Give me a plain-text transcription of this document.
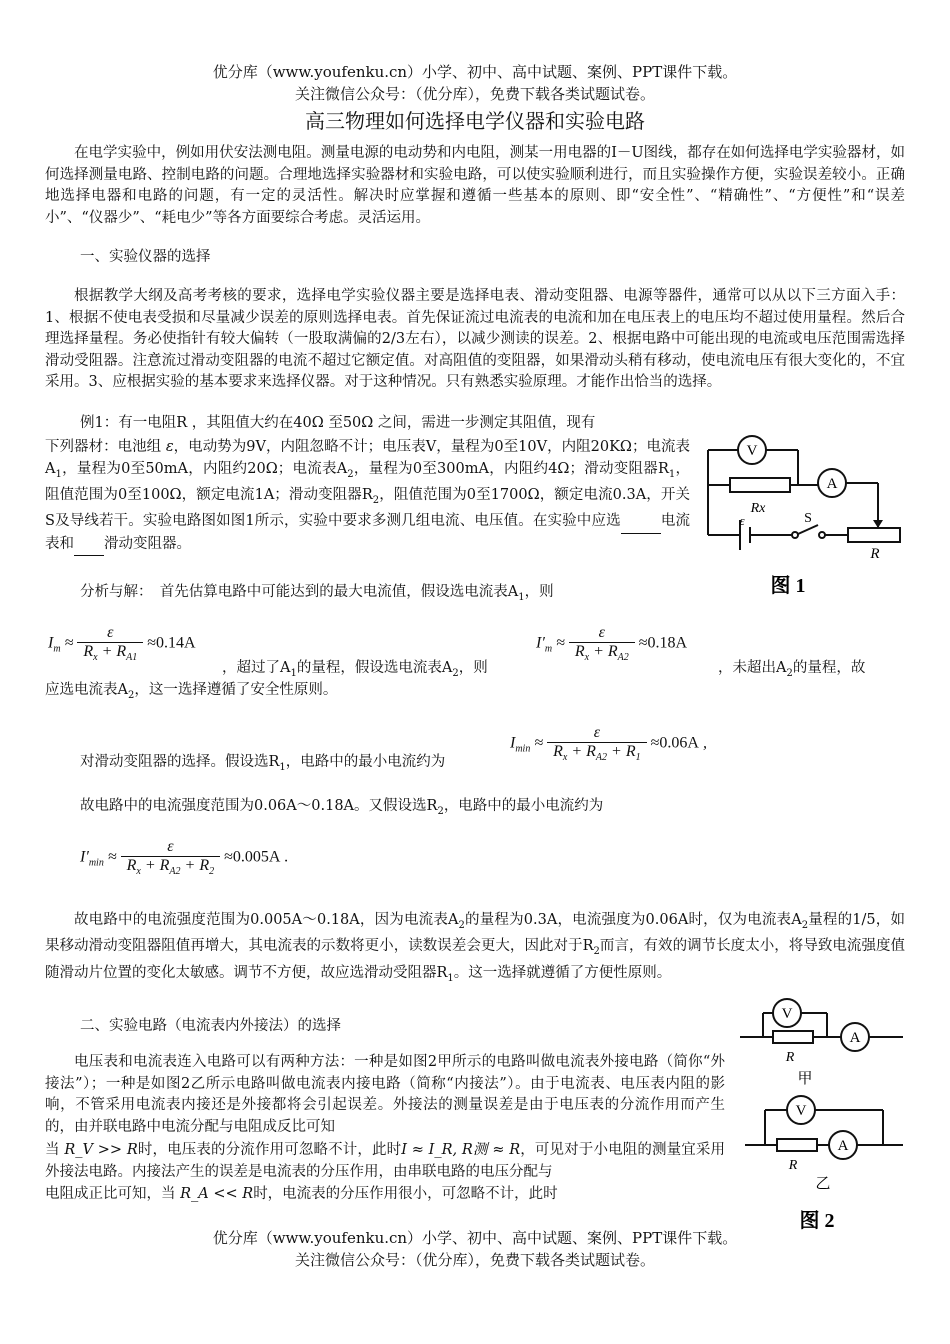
优分库（www.youfenku.cn）小学、初中、高中试题、案例、PPT课件下载。
关注微信公众号：（优分库），免费下载各类试题试卷。
高三物理如何选择电学仪器和实验电路
在电学实验中，例如用伏安法测电阻。测量电源的电动势和内电阻，测某一用电器的I－U图线，都存在如何选择电学实验器材，如何选择测量电路、控制电路的问题。合理地选择实验器材和实验电路，可以使实验顺利进行，而且实验操作方便，实验误差较小。正确地选择电器和电路的问题，有一定的灵活性。解决时应掌握和遵循一些基本的原则、即“安全性”、“精确性”、“方便性”和“误差小”、“仪器少”、“耗电少”等各方面要综合考虑。灵活运用。
一、实验仪器的选择
根据教学大纲及高考考核的要求，选择电学实验仪器主要是选择电表、滑动变阻器、电源等器件，通常可以从以下三方面入手：1、根据不使电表受损和尽量减少误差的原则选择电表。首先保证流过电流表的电流和加在电压表上的电压均不超过使用量程。然后合理选择量程。务必使指针有较大偏转（一股取满偏的2/3左右），以减少测读的误差。2、根据电路中可能出现的电流或电压范围需选择滑动受阻器。注意流过滑动变阻器的电流不超过它额定值。对高阻值的变阻器，如果滑动头稍有移动，使电流电压有很大变化的，不宜采用。3、应根据实验的基本要求来选择仪器。对于这种情况。只有熟悉实验原理。才能作出恰当的选择。
例1：有一电阻R ，其阻值大约在40Ω 至50Ω 之间，需进一步测定其阻值，现有
下列器材：电池组 ε，电动势为9V，内阻忽略不计；电压表V，量程为0至10V，内阻20KΩ；电流表$A_1$，量程为0至50mA，内阻约20Ω；电流表$A_2$，量程为0至300mA，内阻约4Ω；滑动变阻器$R_1$，阻值范围为0至100Ω，额定电流1A；滑动变阻器$R_2$，阻值范围为0至1700Ω，额定电流0.3A，开关S及导线若干。实验电路图如图1所示，实验中要求多测几组电流、电压值。在实验中应选	电流表和 滑动变阻器。
V
A
Rx
ε	S
R
图 1
分析与解：　首先估算电路中可能达到的最大电流值，假设选电流表$A_1$，则
$I_m \approx \frac{\varepsilon}{R_x + R_{A1}} \approx 0.14A$
，超过了$A_1$的量程，假设选电流表$A_2$，则
$I'_m \approx \frac{\varepsilon}{R_x + R_{A2}} \approx 0.18A$
，未超出$A_2$的量程，故
应选电流表$A_2$，这一选择遵循了安全性原则。
$I_{min} \approx \frac{\varepsilon}{R_x + R_{A2} + R_1} \approx 0.06A$ ,
对滑动变阻器的选择。假设选$R_1$，电路中的最小电流约为
故电路中的电流强度范围为0.06A～0.18A。又假设选$R_2$，电路中的最小电流约为
$I'_{min} \approx \frac{\varepsilon}{R_x + R_{A2} + R_2} \approx 0.005A$ .
故电路中的电流强度范围为0.005A～0.18A，因为电流表$A_2$的量程为0.3A，电流强度为0.06A时，仅为电流表$A_2$量程的1/5，如果移动滑动变阻器阻值再增大，其电流表的示数将更小，读数误差会更大，因此对于$R_2$而言，有效的调节长度太小，将导致电流强度值随滑动片位置的变化太敏感。调节不方便，故应选滑动受阻器$R_1$。这一选择就遵循了方便性原则。
二、实验电路（电流表内外接法）的选择
电压表和电流表连入电路可以有两种方法：一种是如图2甲所示的电路叫做电流表外接电路（简你“外接法”）；一种是如图2乙所示电路叫做电流表内接电路（简称“内接法”）。由于电流表、电压表内阻的影响，不管采用电流表内接还是外接都将会引起误差。外接法的测量误差是由于电压表的分流作用而产生的，由并联电路中电流分配与电阻成反比可知
当 R_V >> R时，电压表的分流作用可忽略不计，此时I ≈ I_R, R测 ≈ R，可见对于小电阻的测量宜采用外接法电路。内接法产生的误差是电流表的分压作用，由串联电路的电压分配与
电阻成正比可知，当 R_A << R时，电流表的分压作用很小，可忽略不计，此时
V
A
R
甲
V
A
R
乙
图 2
优分库（www.youfenku.cn）小学、初中、高中试题、案例、PPT课件下载。
关注微信公众号：（优分库），免费下载各类试题试卷。
